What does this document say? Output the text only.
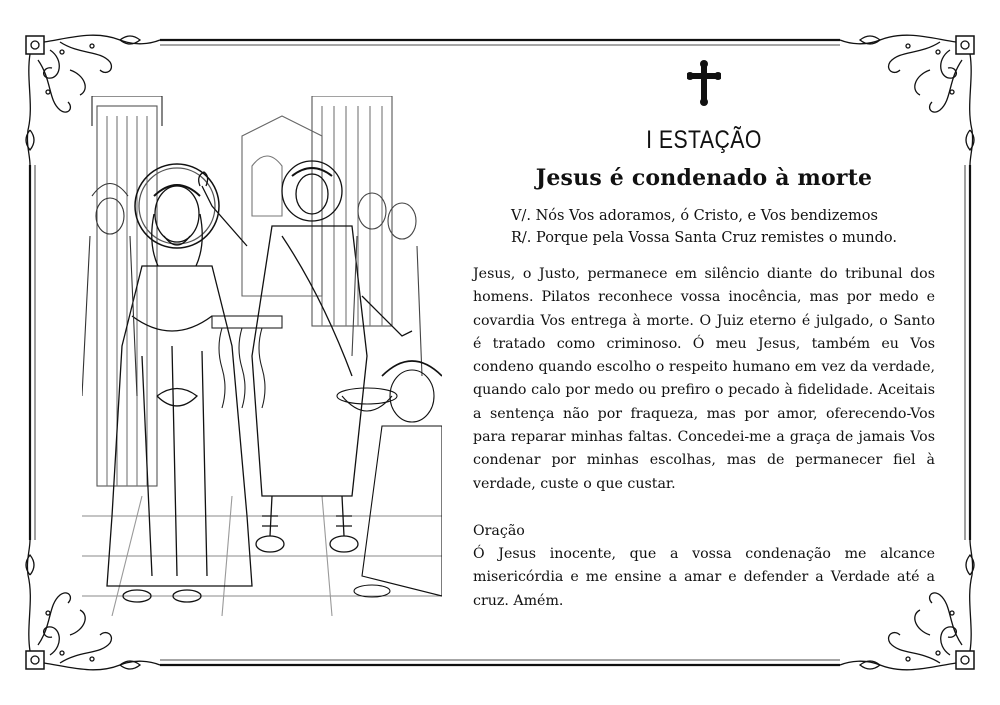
I ESTAÇÃO
Jesus é condenado à morte
V/. Nós Vos adoramos, ó Cristo, e Vos bendizemos
R/. Porque pela Vossa Santa Cruz remistes o mundo.
Jesus, o Justo, permanece em silêncio diante do tribunal dos homens. Pilatos reconhece vossa inocência, mas por medo e covardia Vos entrega à morte. O Juiz eterno é julgado, o Santo é tratado como criminoso. Ó meu Jesus, também eu Vos condeno quando escolho o respeito humano em vez da verdade, quando calo por medo ou prefiro o pecado à fidelidade. Aceitais a sentença não por fraqueza, mas por amor, oferecendo-Vos para reparar minhas faltas. Concedei-me a graça de jamais Vos condenar por minhas escolhas, mas de permanecer fiel à verdade, custe o que custar.
Oração
Ó Jesus inocente, que a vossa condenação me alcance misericórdia e me ensine a amar e defender a Verdade até a cruz. Amém.
